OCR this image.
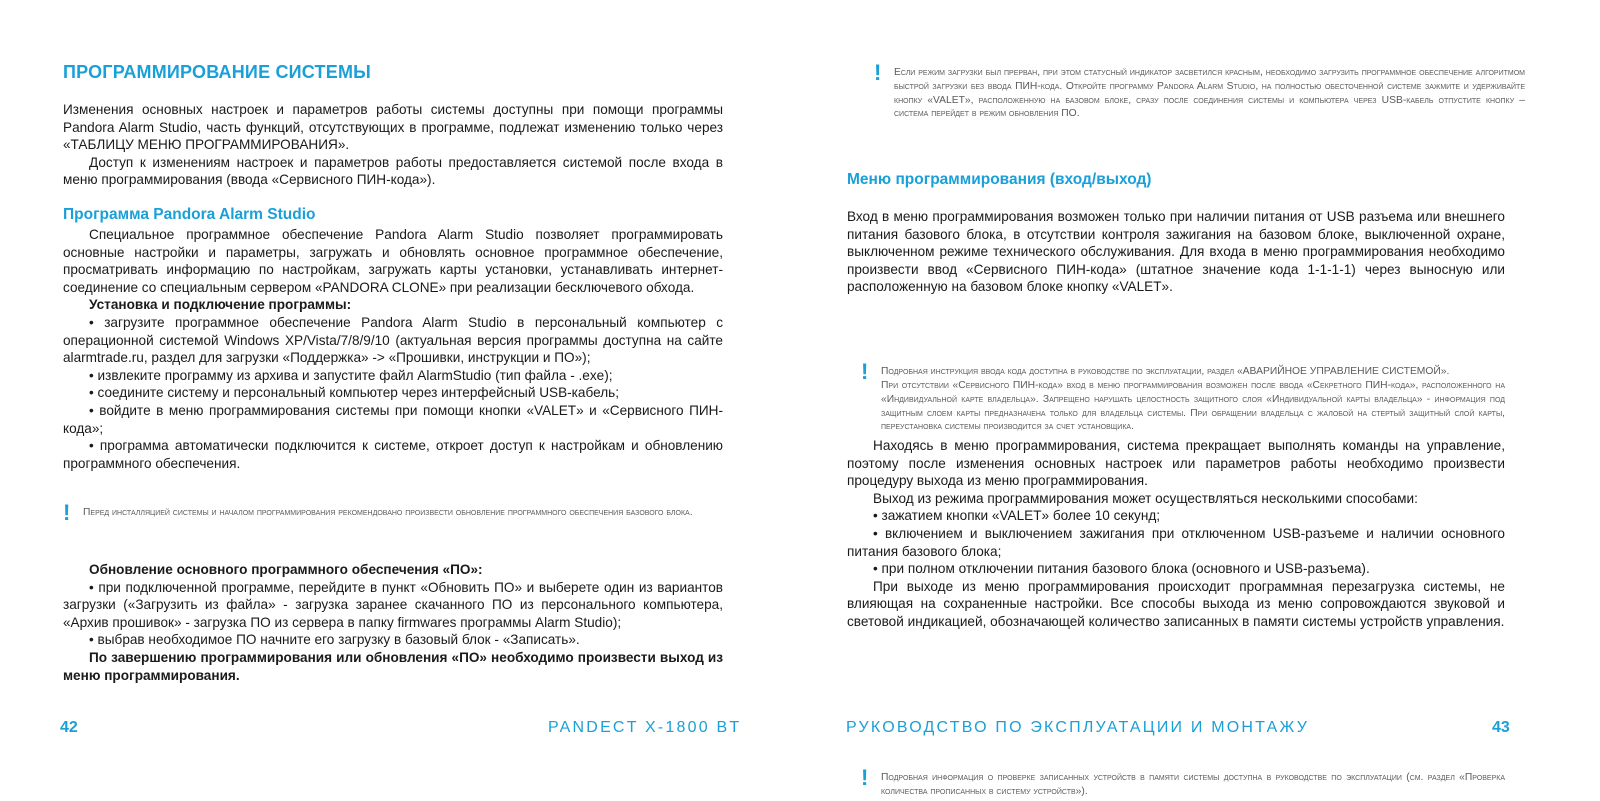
ПРОГРАММИРОВАНИЕ СИСТЕМЫ

Изменения основных настроек и параметров работы системы доступны при помощи программы Pandora Alarm Studio, часть функций, отсутствующих в программе, подлежат изменению только через «ТАБЛИЦУ МЕНЮ ПРОГРАММИРОВАНИЯ».

Доступ к изменениям настроек и параметров работы предоставляется системой после входа в меню программирования (ввода «Сервисного ПИН-кода»).

Программа Pandora Alarm Studio

Специальное программное обеспечение Pandora Alarm Studio позволяет программировать основные настройки и параметры, загружать и обновлять основное программное обеспечение, просматривать информацию по настройкам, загружать карты установки, устанавливать интернет-соединение со специальным сервером «PANDORA CLONE» при реализации бесключевого обхода.

Установка и подключение программы:

• загрузите программное обеспечение Pandora Alarm Studio в персональный компьютер с операционной системой Windows XP/Vista/7/8/9/10 (актуальная версия программы доступна на сайте alarmtrade.ru, раздел для загрузки «Поддержка» -> «Прошивки, инструкции и ПО»);

• извлеките программу из архива и запустите файл AlarmStudio (тип файла - .exe);

• соедините систему и персональный компьютер через интерфейсный USB-кабель;

• войдите в меню программирования системы при помощи кнопки «VALET» и «Сервисного ПИН-кода»;

• программа автоматически подключится к системе, откроет доступ к настройкам и обновлению программного обеспечения.

! Перед инсталляцией системы и началом программирования рекомендовано произвести обновление программного обеспечения базового блока.

Обновление основного программного обеспечения «ПО»:

• при подключенной программе, перейдите в пункт «Обновить ПО» и выберете один из вариантов загрузки («Загрузить из файла» - загрузка заранее скачанного ПО из персонального компьютера, «Архив прошивок» - загрузка ПО из сервера в папку firmwares программы Alarm Studio);

• выбрав необходимое ПО начните его загрузку в базовый блок - «Записать».

По завершению программирования или обновления «ПО» необходимо произвести выход из меню программирования.

42	PANDECT X-1800 BT
! Если режим загрузки был прерван, при этом статусный индикатор засветился красным, необходимо загрузить программное обеспечение алгоритмом быстрой загрузки без ввода ПИН-кода. Откройте программу Pandora Alarm Studio, на полностью обесточенной системе зажмите и удерживайте кнопку «VALET», расположенную на базовом блоке, сразу после соединения системы и компьютера через USB-кабель отпустите кнопку – система перейдет в режим обновления ПО.
Меню программирования (вход/выход)

Вход в меню программирования возможен только при наличии питания от USB разъема или внешнего питания базового блока, в отсутствии контроля зажигания на базовом блоке, выключенной охране, выключенном режиме технического обслуживания. Для входа в меню программирования необходимо произвести ввод «Сервисного ПИН-кода» (штатное значение кода 1-1-1-1) через выносную или расположенную на базовом блоке кнопку «VALET».

! Подробная инструкция ввода кода доступна в руководстве по эксплуатации, раздел «АВАРИЙНОЕ УПРАВЛЕНИЕ СИСТЕМОЙ».

При отсутствии «Сервисного ПИН-кода» вход в меню программирования возможен после ввода «Секретного ПИН-кода», расположенного на «Индивидуальной карте владельца». Запрещено нарушать целостность защитного слоя «Индивидуальной карты владельца» - информация под защитным слоем карты предназначена только для владельца системы. При обращении владельца с жалобой на стертый защитный слой карты, переустановка системы производится за счет установщика.

Находясь в меню программирования, система прекращает выполнять команды на управление, поэтому после изменения основных настроек или параметров работы необходимо произвести процедуру выхода из меню программирования.

Выход из режима программирования может осуществляться несколькими способами:

• зажатием кнопки «VALET» более 10 секунд;

• включением и выключением зажигания при отключенном USB-разъеме и наличии основного питания базового блока;

• при полном отключении питания базового блока (основного и USB-разъема).

При выходе из меню программирования происходит программная перезагрузка системы, не влияющая на сохраненные настройки. Все способы выхода из меню сопровождаются звуковой и световой индикацией, обозначающей количество записанных в памяти системы устройств управления.

! Подробная информация о проверке записанных устройств в памяти системы доступна в руководстве по эксплуатации (см. раздел «Проверка количества прописанных в систему устройств»).
РУКОВОДСТВО ПО ЭКСПЛУАТАЦИИ И МОНТАЖУ	43
